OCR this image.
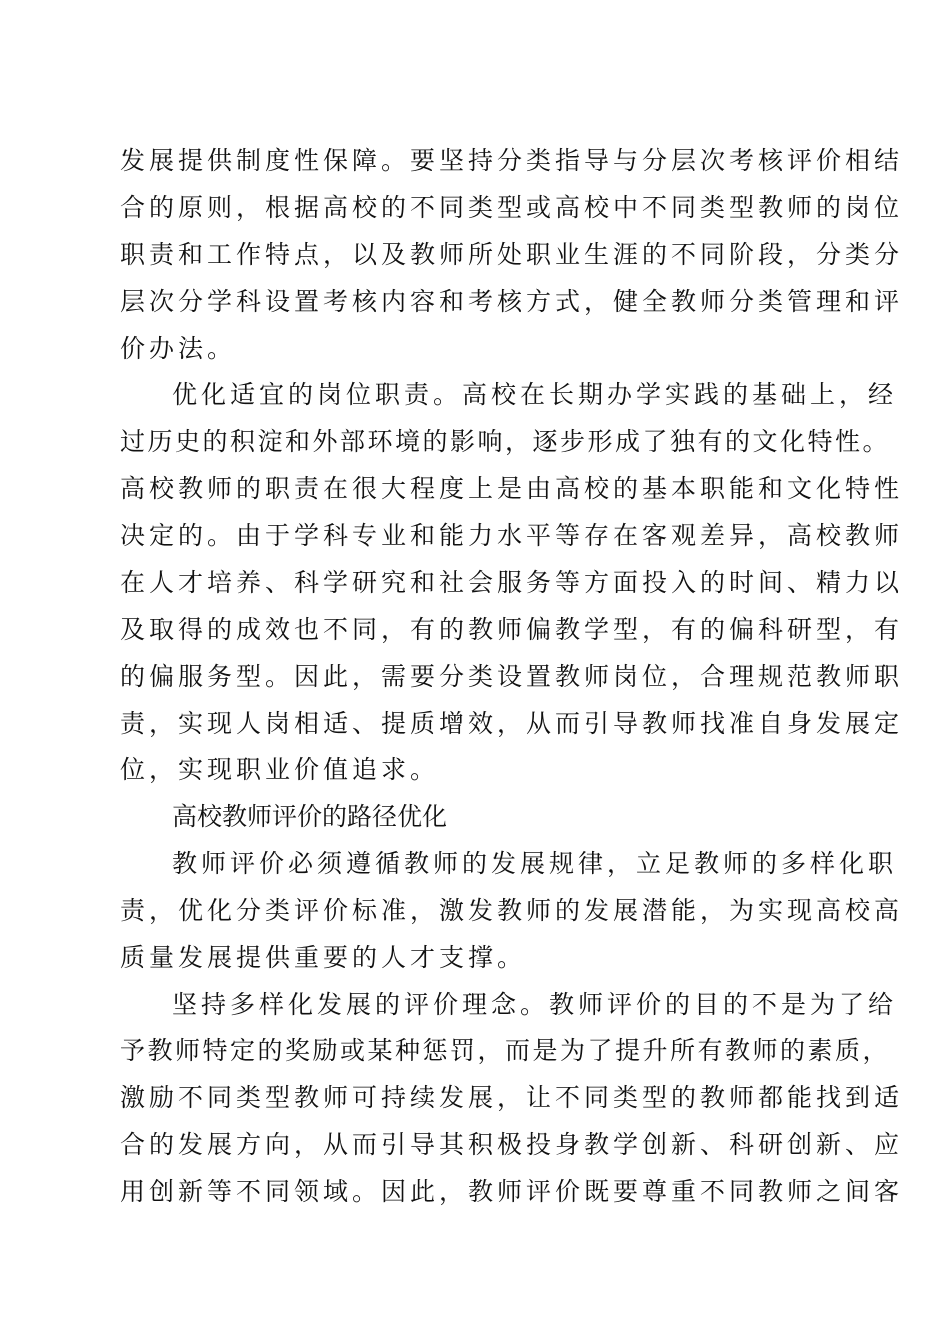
发展提供制度性保障。要坚持分类指导与分层次考核评价相结

合的原则，根据高校的不同类型或高校中不同类型教师的岗位

职责和工作特点，以及教师所处职业生涯的不同阶段，分类分

层次分学科设置考核内容和考核方式，健全教师分类管理和评

价办法。

优化适宜的岗位职责。高校在长期办学实践的基础上，经

过历史的积淀和外部环境的影响，逐步形成了独有的文化特性。

高校教师的职责在很大程度上是由高校的基本职能和文化特性

决定的。由于学科专业和能力水平等存在客观差异，高校教师

在人才培养、科学研究和社会服务等方面投入的时间、精力以

及取得的成效也不同，有的教师偏教学型，有的偏科研型，有

的偏服务型。因此，需要分类设置教师岗位，合理规范教师职

责，实现人岗相适、提质增效，从而引导教师找准自身发展定

位，实现职业价值追求。

高校教师评价的路径优化

教师评价必须遵循教师的发展规律，立足教师的多样化职

责，优化分类评价标准，激发教师的发展潜能，为实现高校高

质量发展提供重要的人才支撑。

坚持多样化发展的评价理念。教师评价的目的不是为了给

予教师特定的奖励或某种惩罚，而是为了提升所有教师的素质，

激励不同类型教师可持续发展，让不同类型的教师都能找到适

合的发展方向，从而引导其积极投身教学创新、科研创新、应

用创新等不同领域。因此，教师评价既要尊重不同教师之间客
